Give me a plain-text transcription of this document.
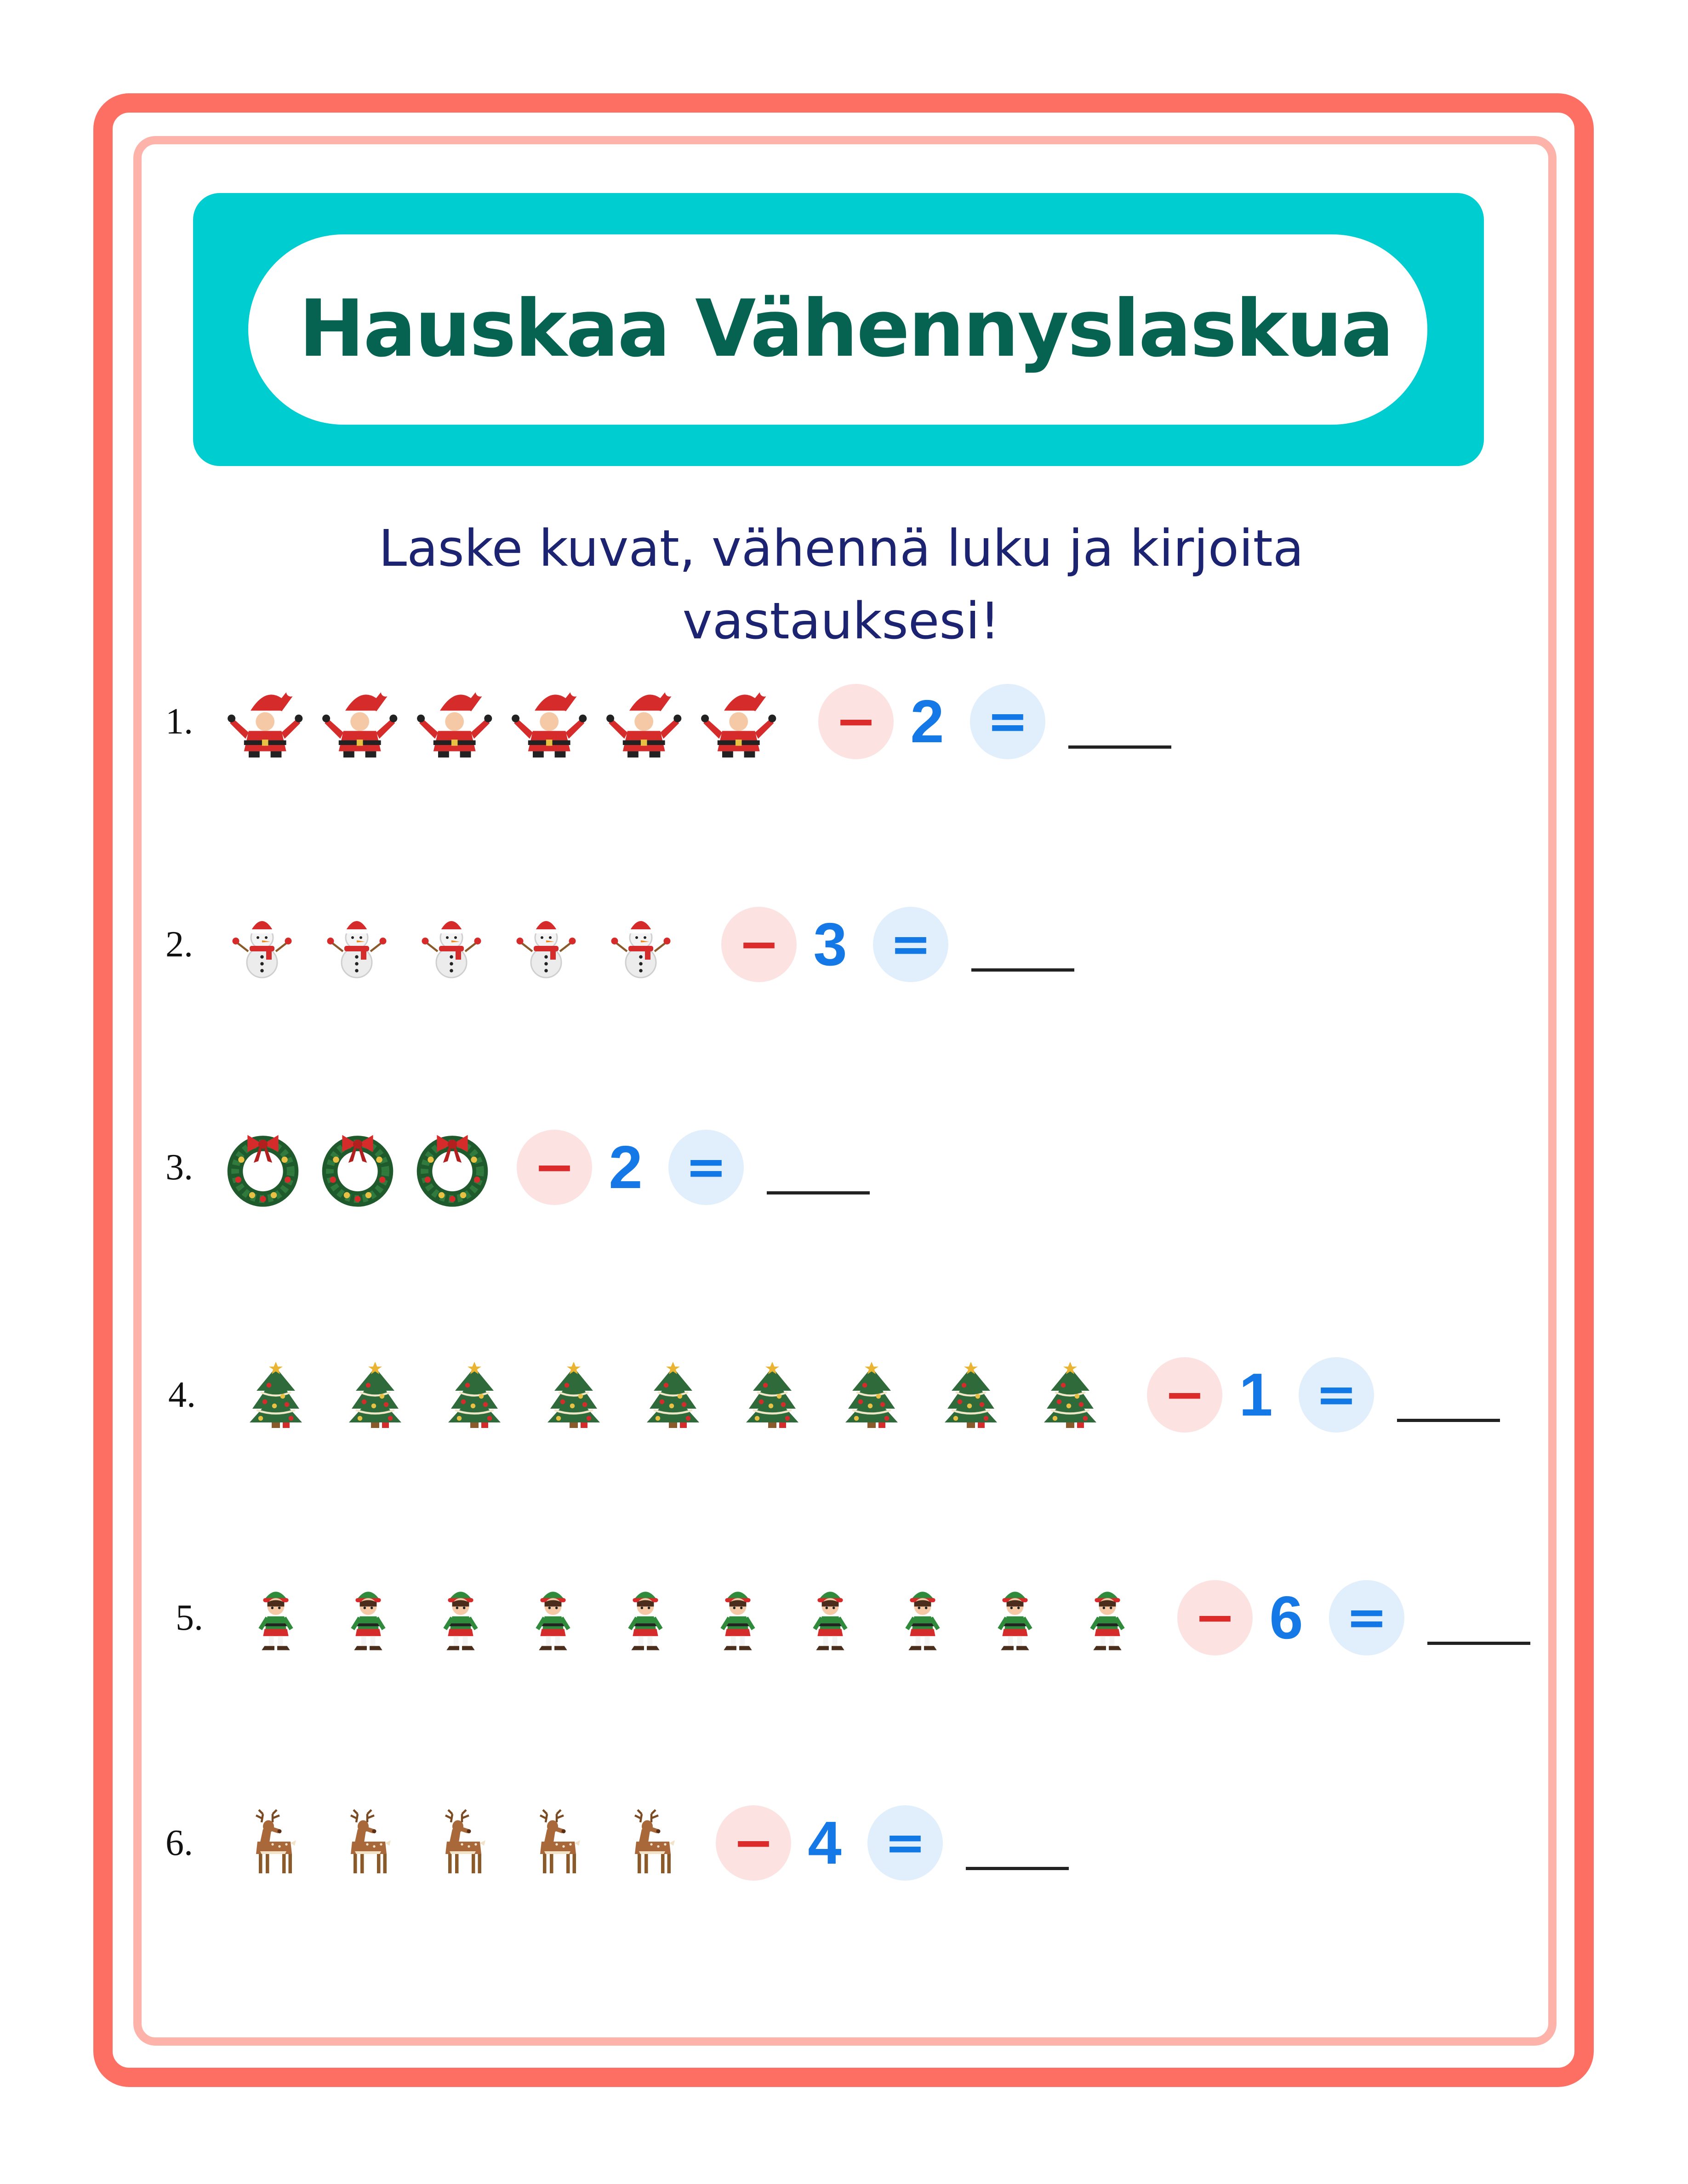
Hauskaa Vähennyslaskua
Laske kuvat, vähennä luku ja kirjoita
vastauksesi!
1.	− 2 =
2.	− 3 =
3.	− 2 =
4.	− 1 =
5.	− 6 =
6.	− 4 =
